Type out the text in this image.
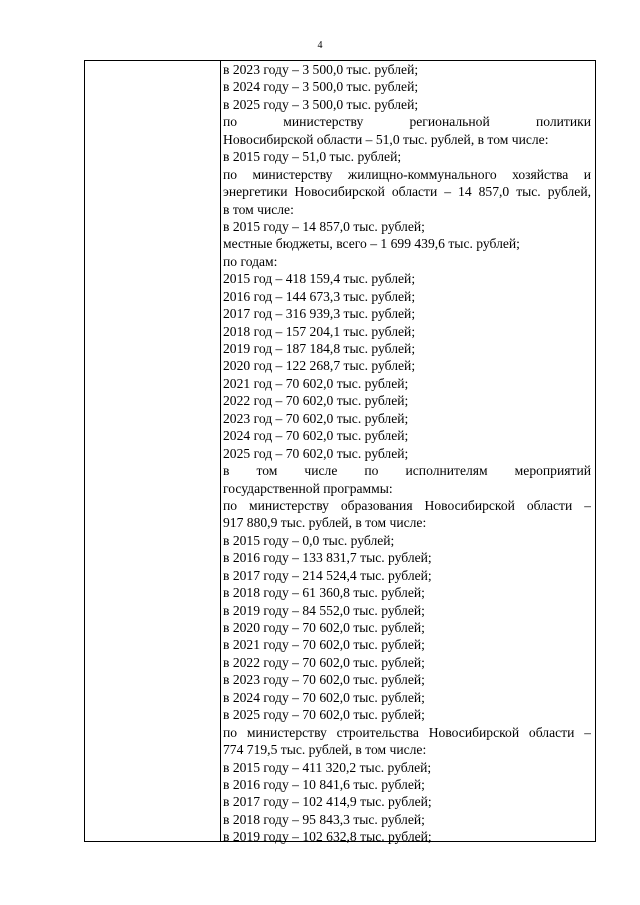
4
в 2023 году – 3 500,0 тыс. рублей;
в 2024 году – 3 500,0 тыс. рублей;
в 2025 году – 3 500,0 тыс. рублей;
по министерству региональной политики
Новосибирской области – 51,0 тыс. рублей, в том числе:
в 2015 году – 51,0 тыс. рублей;
по министерству жилищно-коммунального хозяйства и
энергетики Новосибирской области – 14 857,0 тыс. рублей,
в том числе:
в 2015 году – 14 857,0 тыс. рублей;
местные бюджеты, всего – 1 699 439,6 тыс. рублей;
по годам:
2015 год – 418 159,4 тыс. рублей;
2016 год – 144 673,3 тыс. рублей;
2017 год – 316 939,3 тыс. рублей;
2018 год – 157 204,1 тыс. рублей;
2019 год – 187 184,8 тыс. рублей;
2020 год – 122 268,7 тыс. рублей;
2021 год – 70 602,0 тыс. рублей;
2022 год – 70 602,0 тыс. рублей;
2023 год – 70 602,0 тыс. рублей;
2024 год – 70 602,0 тыс. рублей;
2025 год – 70 602,0 тыс. рублей;
в том числе по исполнителям мероприятий
государственной программы:
по министерству образования Новосибирской области –
917 880,9 тыс. рублей, в том числе:
в 2015 году – 0,0 тыс. рублей;
в 2016 году – 133 831,7 тыс. рублей;
в 2017 году – 214 524,4 тыс. рублей;
в 2018 году – 61 360,8 тыс. рублей;
в 2019 году – 84 552,0 тыс. рублей;
в 2020 году – 70 602,0 тыс. рублей;
в 2021 году – 70 602,0 тыс. рублей;
в 2022 году – 70 602,0 тыс. рублей;
в 2023 году – 70 602,0 тыс. рублей;
в 2024 году – 70 602,0 тыс. рублей;
в 2025 году – 70 602,0 тыс. рублей;
по министерству строительства Новосибирской области –
774 719,5 тыс. рублей, в том числе:
в 2015 году – 411 320,2 тыс. рублей;
в 2016 году – 10 841,6 тыс. рублей;
в 2017 году – 102 414,9 тыс. рублей;
в 2018 году – 95 843,3 тыс. рублей;
в 2019 году – 102 632,8 тыс. рублей;
